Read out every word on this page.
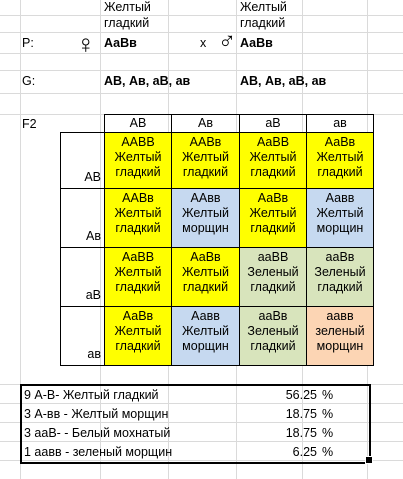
Желтый
гладкий
Желтый
гладкий
P: ♀ АаВв	х ♂ АаВв
G:	АВ, Ав, аВ, ав	АВ, Ав, аВ, ав
F2
		АВ	Ав	аВ	ав
АВ	ААВВ
Желтый
гладкий	ААВв
Желтый
гладкий	АаВВ
Желтый
гладкий	АаВв
Желтый
гладкий

Ав	ААВв
Желтый
гладкий	ААвв
Желтый
морщин	АаВв
Желтый
гладкий	Аавв
Желтый
морщин

аВ	АаВВ
Желтый
гладкий	АаВв
Желтый
гладкий	ааВВ
Зеленый
гладкий	ааВв
Зеленый
гладкий

ав	АаВв
Желтый
гладкий	Аавв
Желтый
морщин	ааВв
Зеленый
гладкий	аавв
зеленый
морщин
9 А-В- Желтый гладкий	56.25 %
3 А-вв - Желтый морщин	18.75 %
3 ааВ- - Белый мохнатый	18.75 %
1 аавв - зеленый морщин	6.25 %
